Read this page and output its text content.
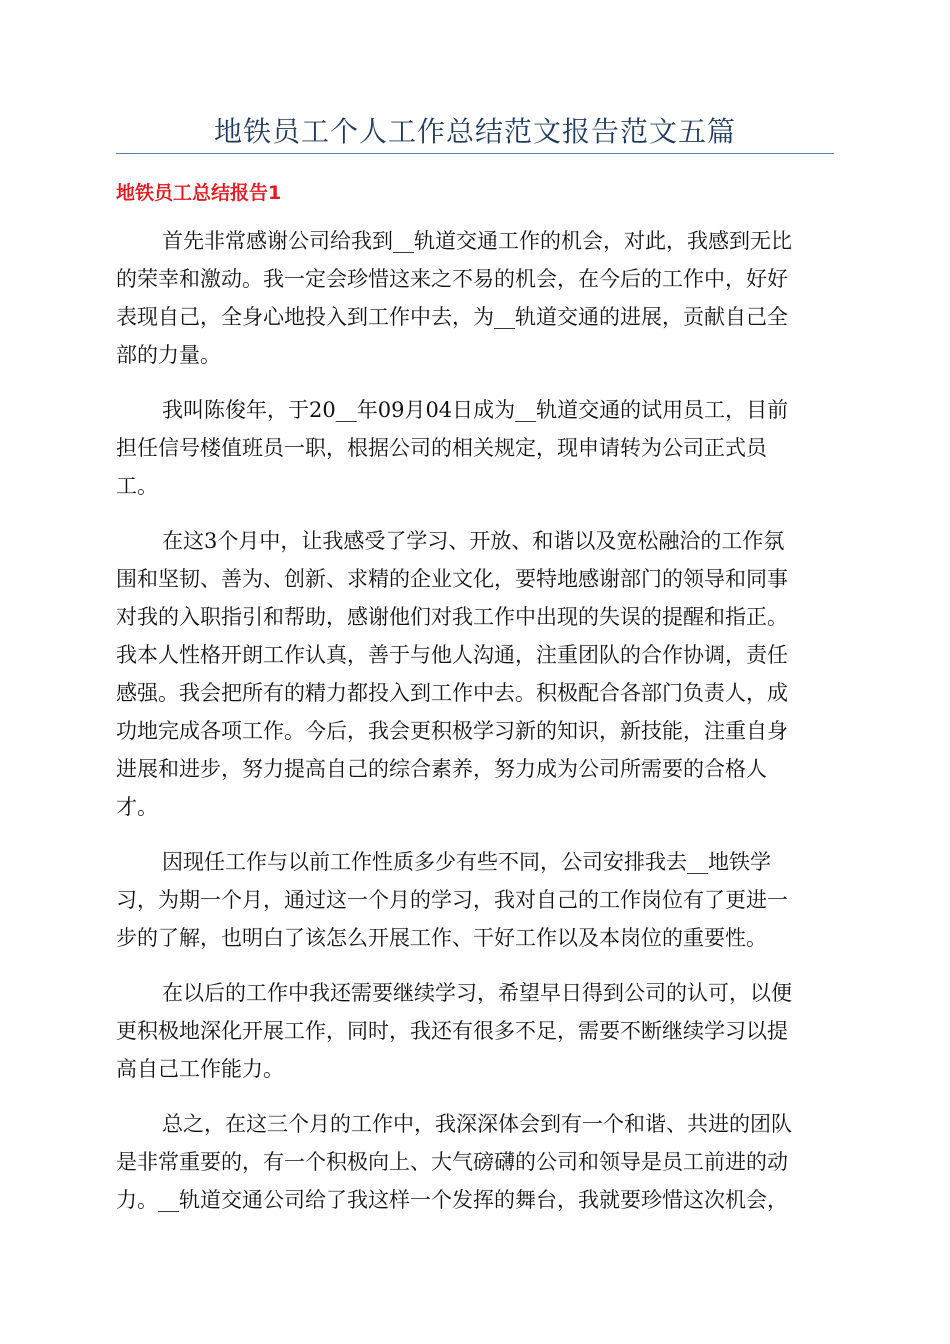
地铁员工个人工作总结范文报告范文五篇
地铁员工总结报告1

首先非常感谢公司给我到__轨道交通工作的机会，对此，我感到无比
的荣幸和激动。我一定会珍惜这来之不易的机会，在今后的工作中，好好
表现自己，全身心地投入到工作中去，为__轨道交通的进展，贡献自己全
部的力量。

我叫陈俊年，于20__年09月04日成为__轨道交通的试用员工，目前
担任信号楼值班员一职，根据公司的相关规定，现申请转为公司正式员
工。

在这3个月中，让我感受了学习、开放、和谐以及宽松融洽的工作氛
围和坚韧、善为、创新、求精的企业文化，要特地感谢部门的领导和同事
对我的入职指引和帮助，感谢他们对我工作中出现的失误的提醒和指正。
我本人性格开朗工作认真，善于与他人沟通，注重团队的合作协调，责任
感强。我会把所有的精力都投入到工作中去。积极配合各部门负责人，成
功地完成各项工作。今后，我会更积极学习新的知识，新技能，注重自身
进展和进步，努力提高自己的综合素养，努力成为公司所需要的合格人
才。

因现任工作与以前工作性质多少有些不同，公司安排我去__地铁学
习，为期一个月，通过这一个月的学习，我对自己的工作岗位有了更进一
步的了解，也明白了该怎么开展工作、干好工作以及本岗位的重要性。

在以后的工作中我还需要继续学习，希望早日得到公司的认可，以便
更积极地深化开展工作，同时，我还有很多不足，需要不断继续学习以提
高自己工作能力。

总之，在这三个月的工作中，我深深体会到有一个和谐、共进的团队
是非常重要的，有一个积极向上、大气磅礴的公司和领导是员工前进的动
力。__轨道交通公司给了我这样一个发挥的舞台，我就要珍惜这次机会，
